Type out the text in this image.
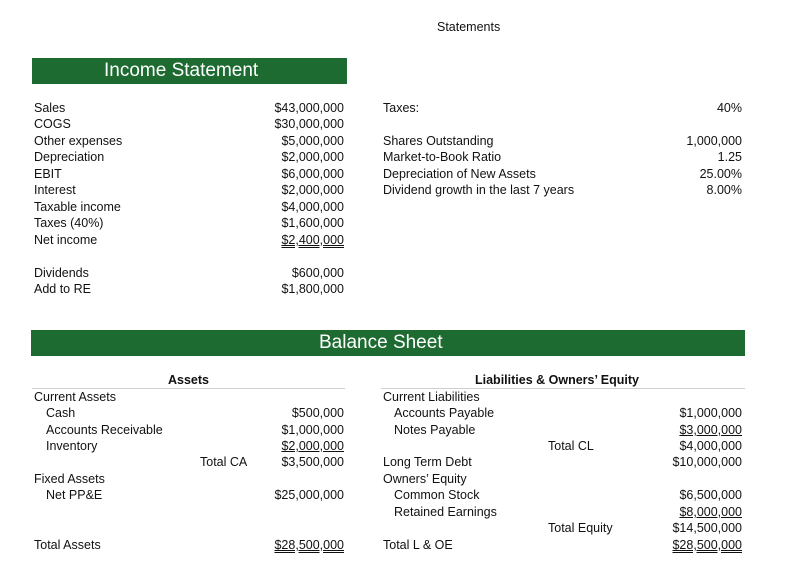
Statements
Income Statement
Sales	$43,000,000
COGS	$30,000,000
Other expenses	$5,000,000
Depreciation	$2,000,000
EBIT	$6,000,000
Interest	$2,000,000
Taxable income	$4,000,000
Taxes (40%)	$1,600,000
Net income	$2,400,000
Dividends	$600,000
Add to RE	$1,800,000
Taxes:	40%
Shares Outstanding	1,000,000
Market-to-Book Ratio	1.25
Depreciation of New Assets	25.00%
Dividend growth in the last 7 years	8.00%
Balance Sheet
Assets
Current Assets
Cash	$500,000
Accounts Receivable	$1,000,000
Inventory	$2,000,000
Total CA	$3,500,000
Fixed Assets
Net PP&E	$25,000,000
Total Assets	$28,500,000
Liabilities & Owners’ Equity
Current Liabilities
Accounts Payable	$1,000,000
Notes Payable	$3,000,000
Total CL	$4,000,000
Long Term Debt	$10,000,000
Owners’ Equity
Common Stock	$6,500,000
Retained Earnings	$8,000,000
Total Equity	$14,500,000
Total L & OE	$28,500,000
